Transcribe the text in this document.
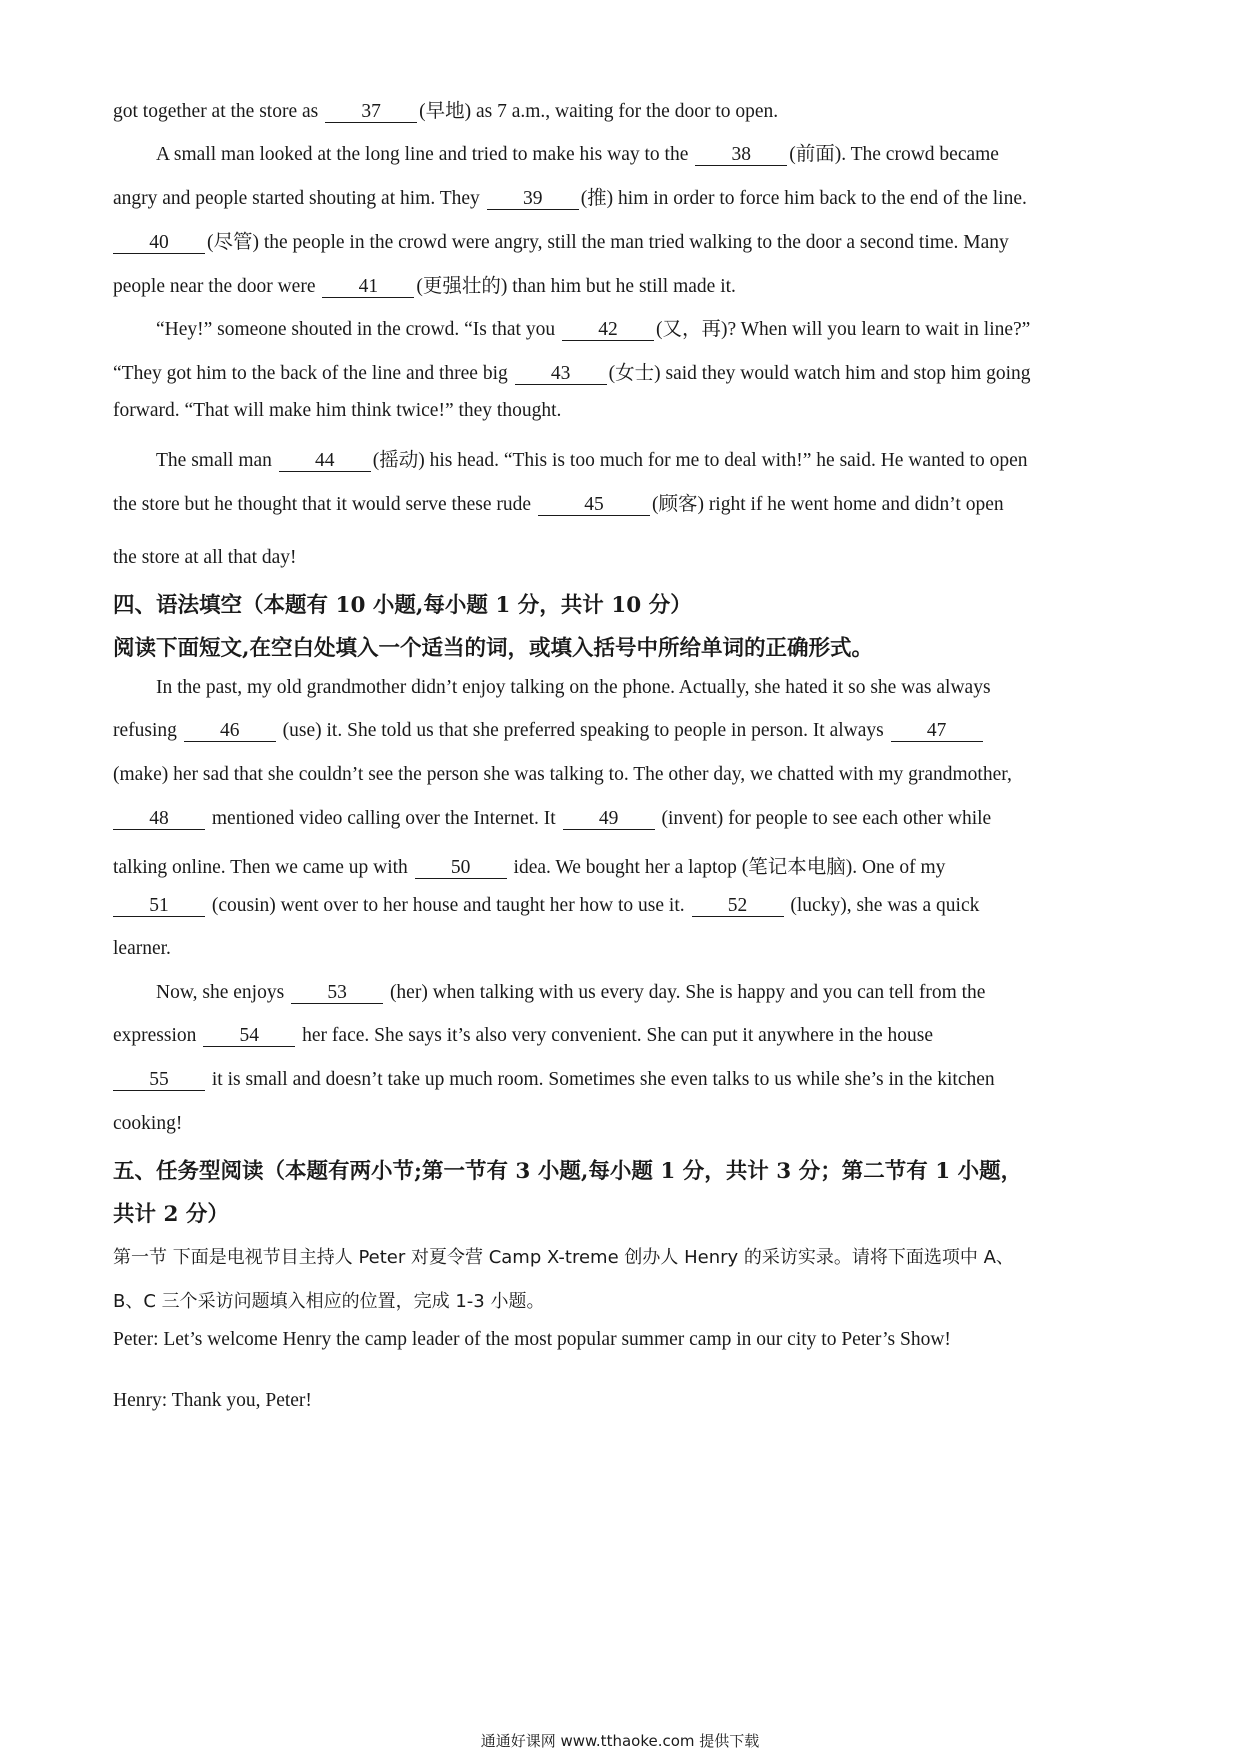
got together at the store as 37 (早地) as 7 a.m., waiting for the door to open.
A small man looked at the long line and tried to make his way to the 38 (前面). The crowd became
angry and people started shouting at him. They 39 (推) him in order to force him back to the end of the line.
40 (尽管) the people in the crowd were angry, still the man tried walking to the door a second time. Many
people near the door were 41 (更强壮的) than him but he still made it.
“Hey!” someone shouted in the crowd. “Is that you 42 (又，再)? When will you learn to wait in line?”
“They got him to the back of the line and three big 43 (女士) said they would watch him and stop him going
forward. “That will make him think twice!” they thought.
The small man 44 (摇动) his head. “This is too much for me to deal with!” he said. He wanted to open
the store but he thought that it would serve these rude 45 (顾客) right if he went home and didn’t open
the store at all that day!
四、语法填空（本题有 10 小题,每小题 1 分，共计 10 分）
阅读下面短文,在空白处填入一个适当的词，或填入括号中所给单词的正确形式。
In the past, my old grandmother didn’t enjoy talking on the phone. Actually, she hated it so she was always
refusing 46 (use) it. She told us that she preferred speaking to people in person. It always 47
(make) her sad that she couldn’t see the person she was talking to. The other day, we chatted with my grandmother,
48 mentioned video calling over the Internet. It 49 (invent) for people to see each other while
talking online. Then we came up with 50 idea. We bought her a laptop (笔记本电脑). One of my
51 (cousin) went over to her house and taught her how to use it. 52 (lucky), she was a quick
learner.
Now, she enjoys 53 (her) when talking with us every day. She is happy and you can tell from the
expression 54 her face. She says it’s also very convenient. She can put it anywhere in the house
55 it is small and doesn’t take up much room. Sometimes she even talks to us while she’s in the kitchen
cooking!
五、任务型阅读（本题有两小节;第一节有 3 小题,每小题 1 分，共计 3 分；第二节有 1 小题，
共计 2 分）
第一节 下面是电视节目主持人 Peter 对夏令营 Camp X-treme 创办人 Henry 的采访实录。请将下面选项中 A、
B、C 三个采访问题填入相应的位置，完成 1-3 小题。
Peter: Let’s welcome Henry the camp leader of the most popular summer camp in our city to Peter’s Show!
Henry: Thank you, Peter!
通通好课网 www.tthaoke.com 提供下载
